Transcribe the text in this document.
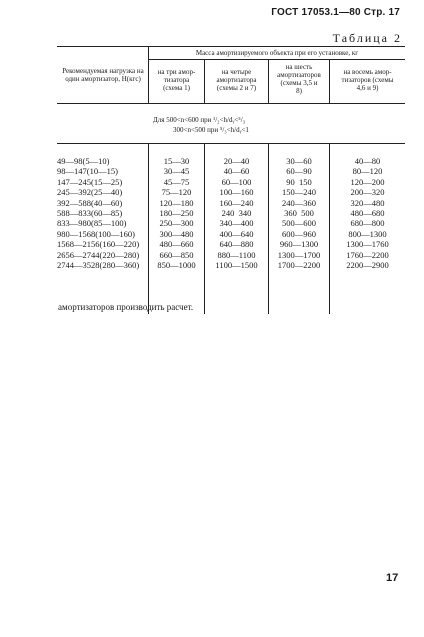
ГОСТ 17053.1—80 Стр. 17
Таблица 2
Рекомендуемая нагрузка на один амортизатор, Н(кгс)
Масса амортизируемого объекта при его установке, кг
на три амор-
тизатора
(схема 1)
на четыре
амортизатора
(схемы 2 и 7)
на шесть
амортизаторов
(схемы 3,5 и
8)
на восемь амор-
тизаторов (схемы
4,6 и 9)
Для 500<n<600 при ¹/₂<h/dᵧ<⁵/₃
300<n<500 при ⁵/₃<h/dᵧ<1
49—98(5—10)
98—147(10—15)
147—245(15—25)
245—392(25—40)
392—588(40—60)
588—833(60—85)
833—980(85—100)
980—1568(100—160)
1568—2156(160—220)
2656—2744(220—280)
2744—3528(280—360)
15—30
30—45
45—75
75—120
120—180
180—250
250—300
300—480
480—660
660—850
850—1000
20—40
40—60
60—100
100—160
160—240
240  340
340—400
400—640
640—880
880—1100
1100—1500
30—60
60—90
90  150
150—240
240—360
360  500
500—600
600—960
960—1300
1300—1700
1700—2200
40—80
80—120
120—200
200—320
320—480
480—680
680—800
800—1300
1300—1760
1760—2200
2200—2900
амортизаторов производить расчет.
17
